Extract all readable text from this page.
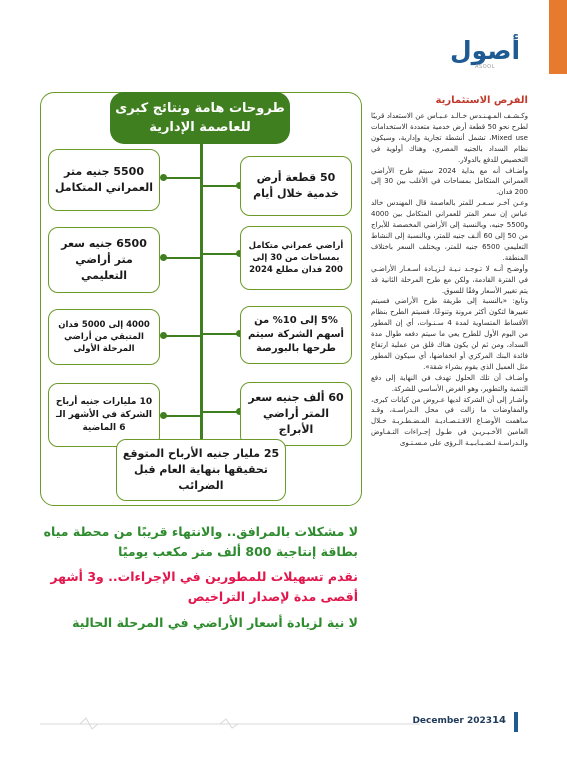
أصول
ASOOL
الفرص الاستثمارية

وكـشـف المـهـنـدس خـالـد عـبـاس عن الاستعداد قريبًا لطرح نحو 50 قطعة أرض خدمية متعددة الاستخدامات Mixed use، تشمل أنشطة تجارية وإدارية، وسيكون نظام السداد بالجنيه المصري، وهناك أولوية في التخصيص للدفع بالدولار.

وأضـاف أنه مع بداية 2024 سيتم طرح الأراضي العمراني المتكامل بمساحات في الأغلب بين 30 إلى 200 فدان.

وعـن آخـر سـعـر للمتر بالعاصمة قال المهندس خالد عباس إن سعر المتر للعمراني المتكامل بين 4000 و5500 جنيه، وبالنسبة إلى الأراضي المخصصة للأبراج من 50 إلى 60 ألـف جنيه للمتر، وبالنسبة إلى النشاط التعليمي 6500 جنيه للمتر، ويختلف السعر باختلاف المنطقة.

وأوضـح أنـه لا تـوجـد نـيـة لـزيـادة أسـعـار الأراضـي في الفترة القادمة، ولكن مع طرح المرحلة الثانية قد يتم تغيير الأسعار وفقًا للسوق.

وتابع: «بالنسبة إلى طريقة طرح الأراضي فسيتم تغييرها لتكون أكثر مرونة وتنوعًا، فسيتم الطرح بنظام الأقساط المتساوية لمدة 4 سـنـوات، أي إن المطور من اليوم الأول للطرح يعي ما سيتم دفعه طوال مدة السداد، ومن ثم لن يكون هناك قلق من عملية ارتفاع فائدة البنك المركزي أو انخفاضها، أي سيكون المطور مثل العميل الذي يقوم بشراء شقة».

وأضـاف أن تلك الحلول تهدف في النهاية إلى دفع التنمية والتطوير، وهو الغرض الأساسي للشركة.

وأشـار إلى أن الشركة لديها عـروض من كيانات كبرى، والمفاوضات ما زالت في محل الـدراسـة، وقـد ساهمت الأوضـاع الاقـتـصـاديـة المـضـطـربـة خـلال العامين الأخـيـريـن في طـول إجـراءات التـفـاوض والـدراسـة لـضـبـابـيـة الـرؤى على مـسـتـوى

طروحات هامة ونتائج كبرى للعاصمة الإدارية
50 قطعة أرض خدمية خلال أيام
أراضي عمراني متكامل بمساحات من 30 إلى 200 فدان مطلع 2024
5% إلى 10% من أسهم الشركة سيتم طرحها بالبورصة
60 ألف جنيه سعر المتر أراضي الأبراج
5500 جنيه متر العمراني المتكامل
6500 جنيه سعر متر أراضي التعليمي
4000 إلى 5000 فدان المتبقي من أراضي المرحلة الأولى
10 مليارات جنيه أرباح الشركة في الأشهر الـ 6 الماضية
25 مليار جنيه الأرباح المتوقع تحقيقها بنهاية العام قبل الضرائب
لا مشكلات بالمرافق.. والانتهاء قريبًا من محطة مياه بطاقة إنتاجية 800 ألف متر مكعب يوميًا
نقدم تسهيلات للمطورين في الإجراءات.. و3 أشهر أقصى مدة لإصدار التراخيص
لا نية لزيادة أسعار الأراضي في المرحلة الحالية
December 2023 14
